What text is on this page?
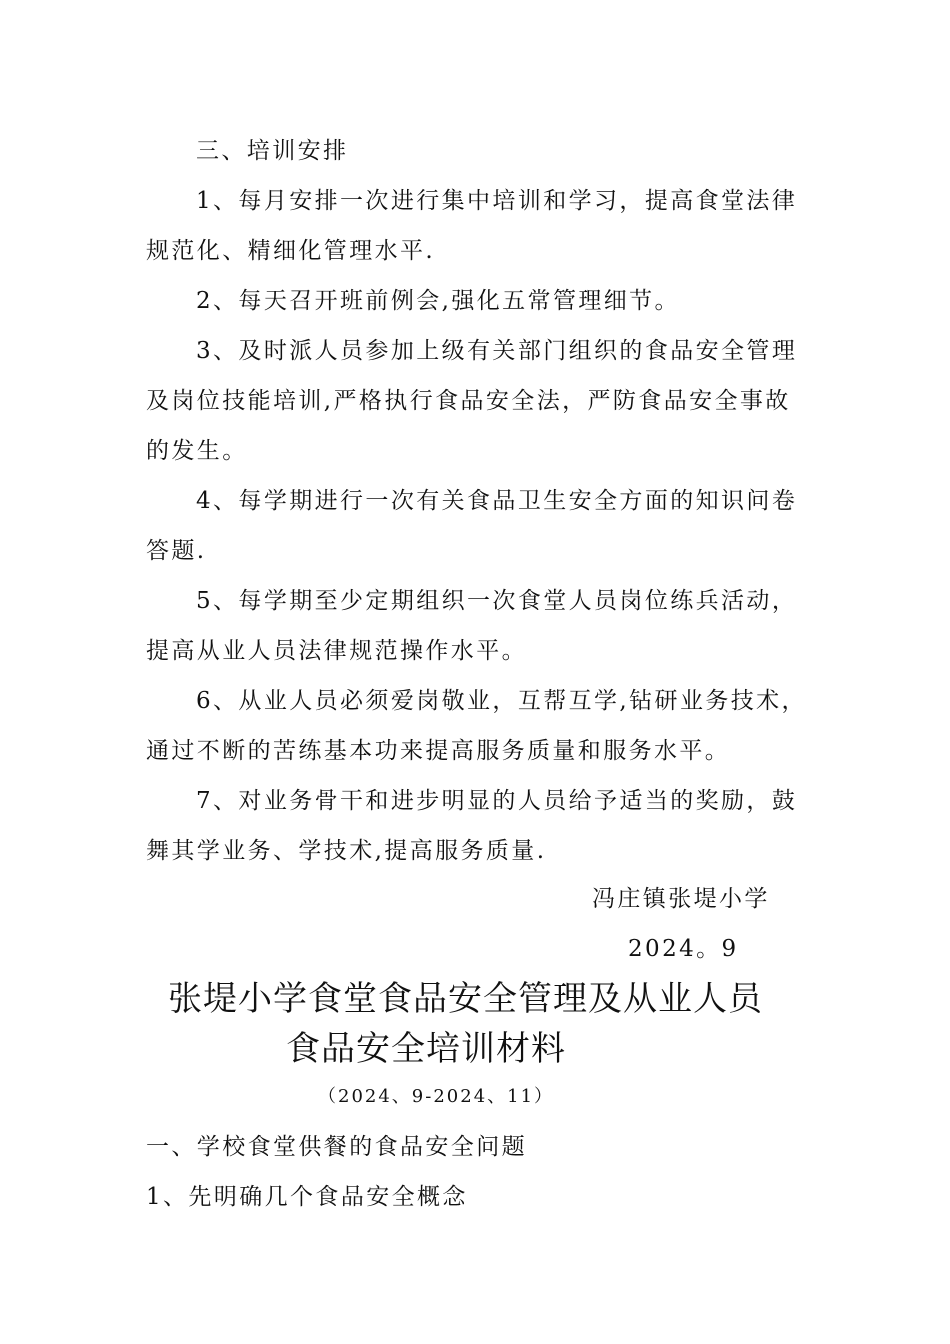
三、培训安排
1、每月安排一次进行集中培训和学习，提高食堂法律
规范化、精细化管理水平.
2、每天召开班前例会,强化五常管理细节。
3、及时派人员参加上级有关部门组织的食品安全管理
及岗位技能培训,严格执行食品安全法，严防食品安全事故
的发生。
4、每学期进行一次有关食品卫生安全方面的知识问卷
答题.
5、每学期至少定期组织一次食堂人员岗位练兵活动，
提高从业人员法律规范操作水平。
6、从业人员必须爱岗敬业，互帮互学,钻研业务技术，
通过不断的苦练基本功来提高服务质量和服务水平。
7、对业务骨干和进步明显的人员给予适当的奖励，鼓
舞其学业务、学技术,提高服务质量.
冯庄镇张堤小学
2024。9
张堤小学食堂食品安全管理及从业人员
食品安全培训材料
（2024、9-2024、11）
一、学校食堂供餐的食品安全问题
1、先明确几个食品安全概念
